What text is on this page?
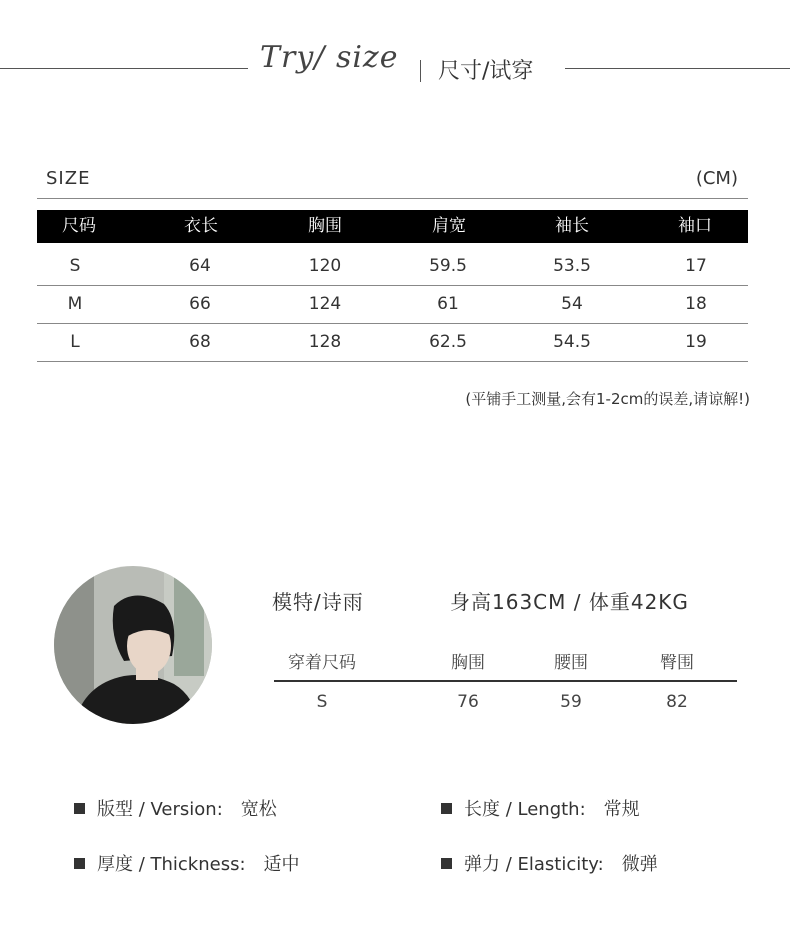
Try/ size	尺寸/试穿
SIZE	(CM)
尺码	衣长	胸围	肩宽	袖长	袖口
S	64	120	59.5	53.5	17
M	66	124	61	54	18
L	68	128	62.5	54.5	19
(平铺手工测量,会有1-2cm的误差,请谅解!)
模特/诗雨	身高163CM / 体重42KG
穿着尺码	胸围	腰围	臀围
S	76	59	82
版型 / Version: 宽松	长度 / Length: 常规
厚度 / Thickness: 适中	弹力 / Elasticity: 微弹
